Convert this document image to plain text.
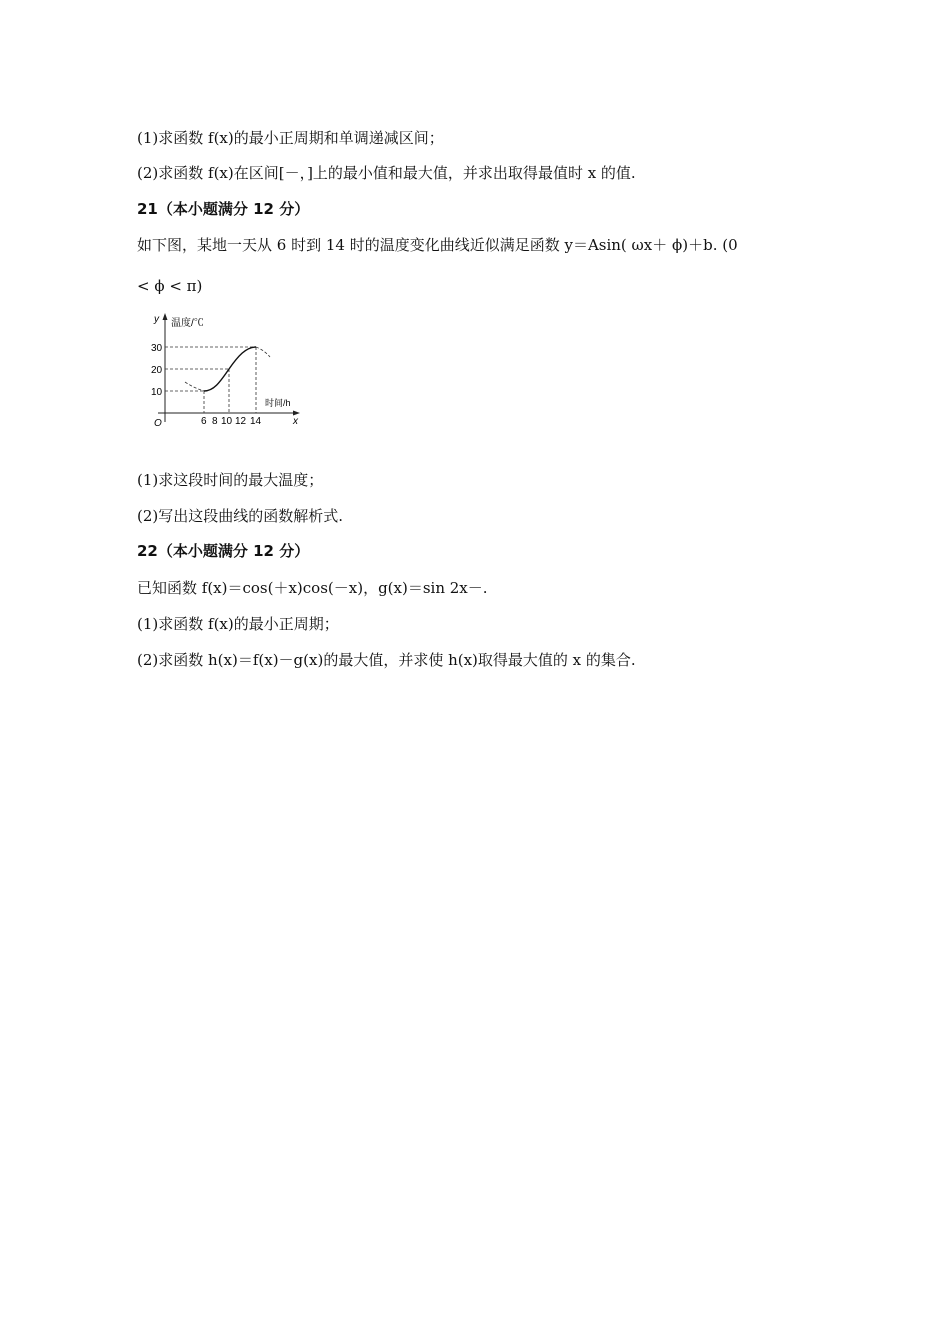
(1)求函数 f(x)的最小正周期和单调递减区间；
(2)求函数 f(x)在区间[－，]上的最小值和最大值，并求出取得最值时 x 的值.
21（本小题满分 12 分）
如下图，某地一天从 6 时到 14 时的温度变化曲线近似满足函数 y＝Asin( ωx＋ ϕ)＋b. (0
< ϕ < π)
y 温度/℃
时间/h
x
O
30
20
10
6 8 10 12 14
(1)求这段时间的最大温度；
(2)写出这段曲线的函数解析式.
22（本小题满分 12 分）
已知函数 f(x)＝cos(＋x)cos(－x)，g(x)＝sin 2x－.
(1)求函数 f(x)的最小正周期；
(2)求函数 h(x)＝f(x)－g(x)的最大值，并求使 h(x)取得最大值的 x 的集合.
